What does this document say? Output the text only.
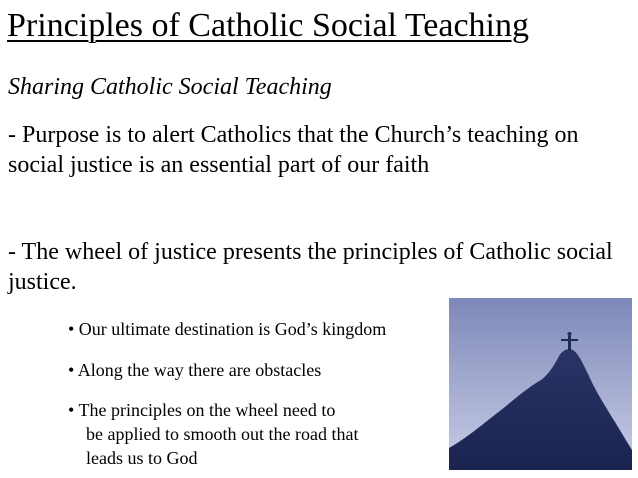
Principles of Catholic Social Teaching
Sharing Catholic Social Teaching
- Purpose is to alert Catholics that the Church’s teaching on social justice is an essential part of our faith
- The wheel of justice presents the principles of Catholic social justice.
• Our ultimate destination is God’s kingdom
• Along the way there are obstacles
• The principles on the wheel need to
be applied to smooth out the road that
leads us to God
